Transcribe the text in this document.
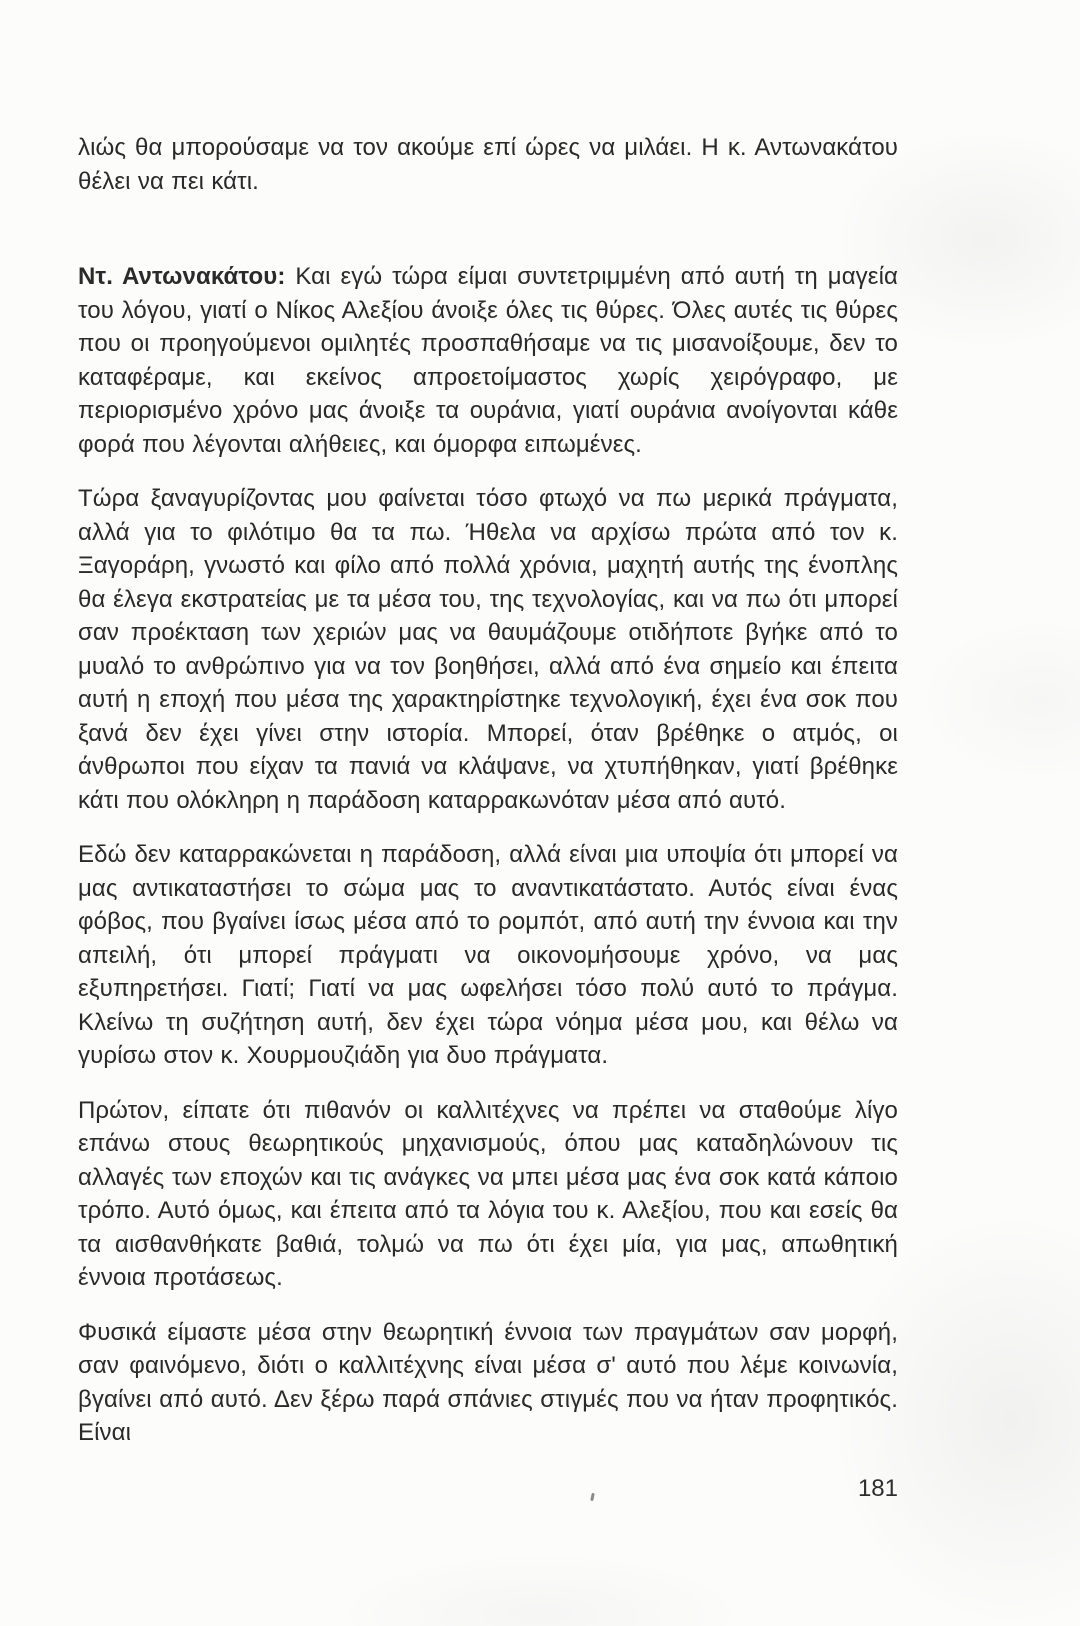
λιώς θα μπορούσαμε να τον ακούμε επί ώρες να μιλάει. Η κ. Αντωνακάτου θέλει να πει κάτι.

Ντ. Αντωνακάτου: Και εγώ τώρα είμαι συντετριμμένη από αυτή τη μαγεία του λόγου, γιατί ο Νίκος Αλεξίου άνοιξε όλες τις θύρες. Όλες αυτές τις θύρες που οι προηγούμενοι ομιλητές προσπαθήσαμε να τις μισανοίξουμε, δεν το καταφέραμε, και εκείνος απροετοίμαστος χωρίς χειρόγραφο, με περιορισμένο χρόνο μας άνοιξε τα ουράνια, γιατί ουράνια ανοίγονται κάθε φορά που λέγονται αλήθειες, και όμορφα ειπωμένες.

Τώρα ξαναγυρίζοντας μου φαίνεται τόσο φτωχό να πω μερικά πράγματα, αλλά για το φιλότιμο θα τα πω. Ήθελα να αρχίσω πρώτα από τον κ. Ξαγοράρη, γνωστό και φίλο από πολλά χρόνια, μαχητή αυτής της ένοπλης θα έλεγα εκστρατείας με τα μέσα του, της τεχνολογίας, και να πω ότι μπορεί σαν προέκταση των χεριών μας να θαυμάζουμε οτιδήποτε βγήκε από το μυαλό το ανθρώπινο για να τον βοηθήσει, αλλά από ένα σημείο και έπειτα αυτή η εποχή που μέσα της χαρακτηρίστηκε τεχνολογική, έχει ένα σοκ που ξανά δεν έχει γίνει στην ιστορία. Μπορεί, όταν βρέθηκε ο ατμός, οι άνθρωποι που είχαν τα πανιά να κλάψανε, να χτυπήθηκαν, γιατί βρέθηκε κάτι που ολόκληρη η παράδοση καταρρακωνόταν μέσα από αυτό.

Εδώ δεν καταρρακώνεται η παράδοση, αλλά είναι μια υποψία ότι μπορεί να μας αντικαταστήσει το σώμα μας το αναντικατάστατο. Αυτός είναι ένας φόβος, που βγαίνει ίσως μέσα από το ρομπότ, από αυτή την έννοια και την απειλή, ότι μπορεί πράγματι να οικονομήσουμε χρόνο, να μας εξυπηρετήσει. Γιατί; Γιατί να μας ωφελήσει τόσο πολύ αυτό το πράγμα. Κλείνω τη συζήτηση αυτή, δεν έχει τώρα νόημα μέσα μου, και θέλω να γυρίσω στον κ. Χουρμουζιάδη για δυο πράγματα.

Πρώτον, είπατε ότι πιθανόν οι καλλιτέχνες να πρέπει να σταθούμε λίγο επάνω στους θεωρητικούς μηχανισμούς, όπου μας καταδηλώνουν τις αλλαγές των εποχών και τις ανάγκες να μπει μέσα μας ένα σοκ κατά κάποιο τρόπο. Αυτό όμως, και έπειτα από τα λόγια του κ. Αλεξίου, που και εσείς θα τα αισθανθήκατε βαθιά, τολμώ να πω ότι έχει μία, για μας, απωθητική έννοια προτάσεως.

Φυσικά είμαστε μέσα στην θεωρητική έννοια των πραγμάτων σαν μορφή, σαν φαινόμενο, διότι ο καλλιτέχνης είναι μέσα σ' αυτό που λέμε κοινωνία, βγαίνει από αυτό. Δεν ξέρω παρά σπάνιες στιγμές που να ήταν προφητικός. Είναι

181
